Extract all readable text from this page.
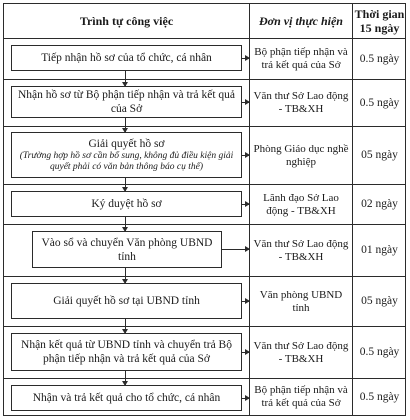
Trình tự công việc	Đơn vị thực hiện Thời gian 15 ngày
Tiếp nhận hồ sơ của tổ chức, cá nhân	Bộ phận tiếp nhận và trả kết quả của Sở
0.5 ngày
Nhận hồ sơ từ Bộ phận tiếp nhận và trả kết quả của Sở
Văn thư Sở Lao động - TB&XH
0.5 ngày
Giải quyết hồ sơ
(Trường hợp hồ sơ cần bổ sung, không đủ điều kiện giải quyết phải có văn bản thông báo cụ thể)
Phòng Giáo dục nghề nghiệp
05 ngày
Ký duyệt hồ sơ
Lãnh đạo Sở Lao động - TB&XH
02 ngày
Vào sổ và chuyển Văn phòng UBND tỉnh
Văn thư Sở Lao động - TB&XH
01 ngày
Giải quyết hồ sơ tại UBND tỉnh
Văn phòng UBND tỉnh
05 ngày
Nhận kết quả từ UBND tỉnh và chuyển trả Bộ phận tiếp nhận và trả kết quả của Sở
Văn thư Sở Lao động - TB&XH
0.5 ngày
Nhận và trả kết quả cho tổ chức, cá nhân
Bộ phận tiếp nhận và trả kết quả của Sở
0.5 ngày
